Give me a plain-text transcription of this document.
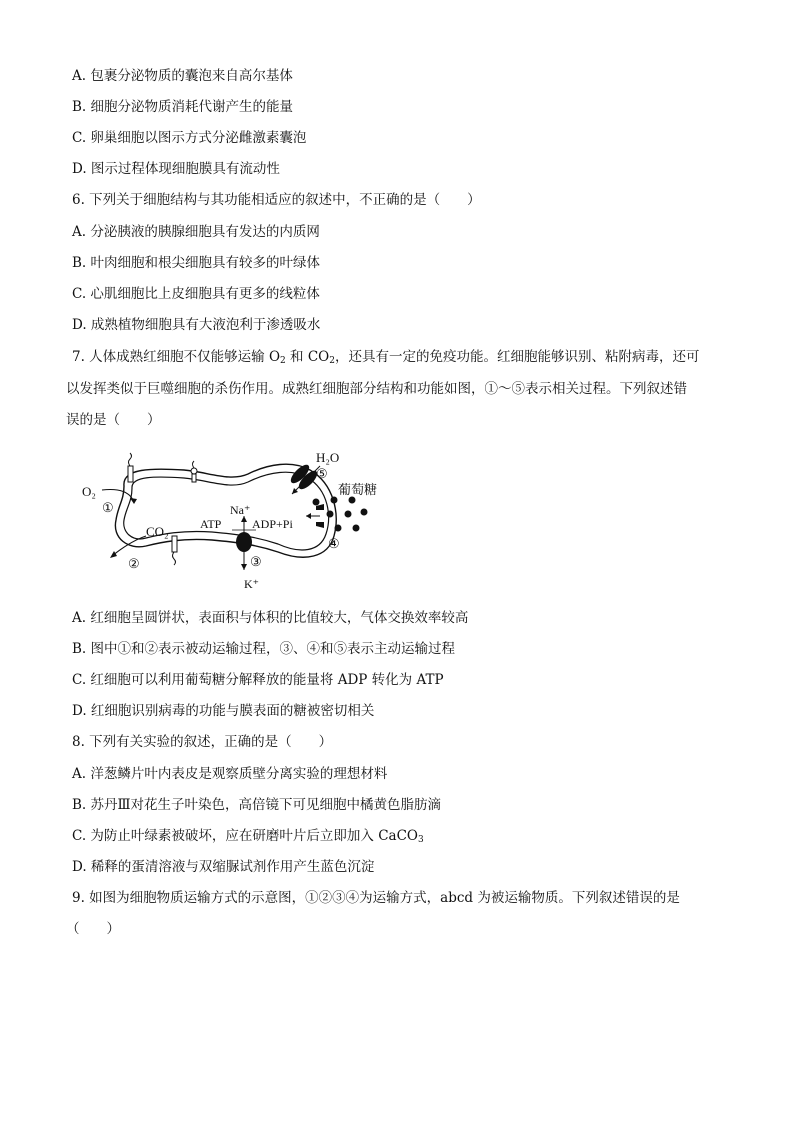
A. 包裹分泌物质的囊泡来自高尔基体
B. 细胞分泌物质消耗代谢产生的能量
C. 卵巢细胞以图示方式分泌雌激素囊泡
D. 图示过程体现细胞膜具有流动性
6. 下列关于细胞结构与其功能相适应的叙述中，不正确的是（　　）
A. 分泌胰液的胰腺细胞具有发达的内质网
B. 叶肉细胞和根尖细胞具有较多的叶绿体
C. 心肌细胞比上皮细胞具有更多的线粒体
D. 成熟植物细胞具有大液泡利于渗透吸水
7. 人体成熟红细胞不仅能够运输 $O_2$ 和 $CO_2$，还具有一定的免疫功能。红细胞能够识别、粘附病毒，还可
以发挥类似于巨噬细胞的杀伤作用。成熟红细胞部分结构和功能如图，①～⑤表示相关过程。下列叙述错
误的是（　　）
H₂O
⑤
葡萄糖
O₂
①	Na⁺
ATP	ADP+Pi
CO₂
④
②	③
K⁺
A. 红细胞呈圆饼状，表面积与体积的比值较大，气体交换效率较高
B. 图中①和②表示被动运输过程，③、④和⑤表示主动运输过程
C. 红细胞可以利用葡萄糖分解释放的能量将 ADP 转化为 ATP
D. 红细胞识别病毒的功能与膜表面的糖被密切相关
8. 下列有关实验的叙述，正确的是（　　）
A. 洋葱鳞片叶内表皮是观察质壁分离实验的理想材料
B. 苏丹Ⅲ对花生子叶染色，高倍镜下可见细胞中橘黄色脂肪滴
C. 为防止叶绿素被破坏，应在研磨叶片后立即加入 CaCO$_3$
D. 稀释的蛋清溶液与双缩脲试剂作用产生蓝色沉淀
9. 如图为细胞物质运输方式的示意图，①②③④为运输方式，abcd 为被运输物质。下列叙述错误的是
（　　）
